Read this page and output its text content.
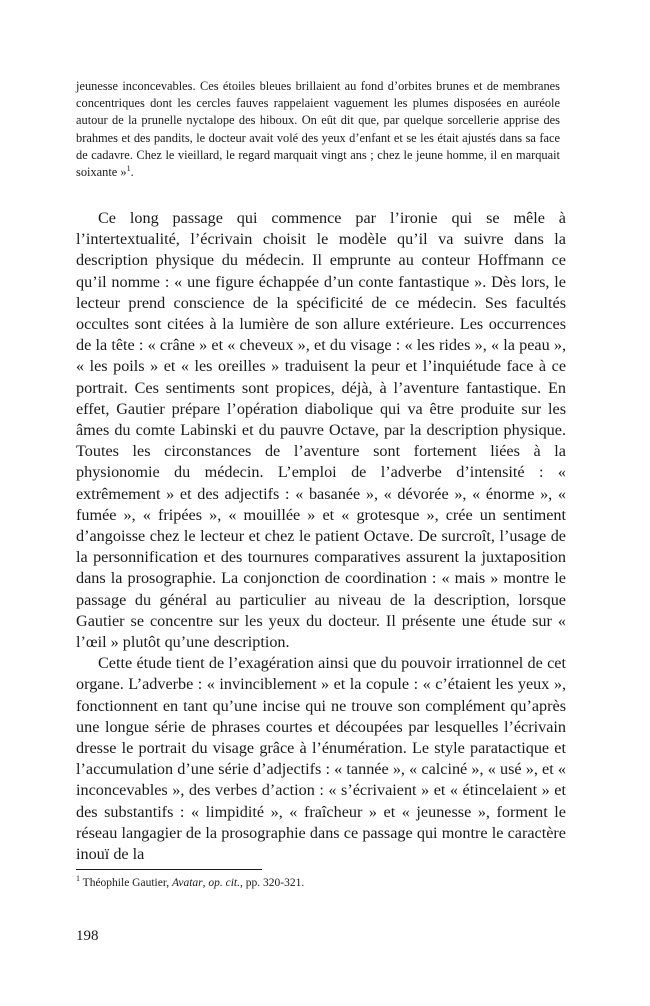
jeunesse inconcevables. Ces étoiles bleues brillaient au fond d’orbites brunes et de membranes concentriques dont les cercles fauves rappelaient vaguement les plumes disposées en auréole autour de la prunelle nyctalope des hiboux. On eût dit que, par quelque sorcellerie apprise des brahmes et des pandits, le docteur avait volé des yeux d’enfant et se les était ajustés dans sa face de cadavre. Chez le vieillard, le regard marquait vingt ans ; chez le jeune homme, il en marquait soixante »$^1$.

Ce long passage qui commence par l’ironie qui se mêle à l’intertextualité, l’écrivain choisit le modèle qu’il va suivre dans la description physique du médecin. Il emprunte au conteur Hoffmann ce qu’il nomme : « une figure échappée d’un conte fantastique ». Dès lors, le lecteur prend conscience de la spécificité de ce médecin. Ses facultés occultes sont citées à la lumière de son allure extérieure. Les occurrences de la tête : « crâne » et « cheveux », et du visage : « les rides », « la peau », « les poils » et « les oreilles » traduisent la peur et l’inquiétude face à ce portrait. Ces sentiments sont propices, déjà, à l’aventure fantastique. En effet, Gautier prépare l’opération diabolique qui va être produite sur les âmes du comte Labinski et du pauvre Octave, par la description physique. Toutes les circonstances de l’aventure sont fortement liées à la physionomie du médecin. L’emploi de l’adverbe d’intensité : « extrêmement » et des adjectifs : « basanée », « dévorée », « énorme », « fumée », « fripées », « mouillée » et « grotesque », crée un sentiment d’angoisse chez le lecteur et chez le patient Octave. De surcroît, l’usage de la personnification et des tournures comparatives assurent la juxtaposition dans la prosographie. La conjonction de coordination : « mais » montre le passage du général au particulier au niveau de la description, lorsque Gautier se concentre sur les yeux du docteur. Il présente une étude sur « l’œil » plutôt qu’une description.

Cette étude tient de l’exagération ainsi que du pouvoir irrationnel de cet organe. L’adverbe : « invinciblement » et la copule : « c’étaient les yeux », fonctionnent en tant qu’une incise qui ne trouve son complément qu’après une longue série de phrases courtes et découpées par lesquelles l’écrivain dresse le portrait du visage grâce à l’énumération. Le style paratactique et l’accumulation d’une série d’adjectifs : « tannée », « calciné », « usé », et « inconcevables », des verbes d’action : « s’écrivaient » et « étincelaient » et des substantifs : « limpidité », « fraîcheur » et « jeunesse », forment le réseau langagier de la prosographie dans ce passage qui montre le caractère inouï de la

$^1$ Théophile Gautier, Avatar, op. cit., pp. 320-321.
198
